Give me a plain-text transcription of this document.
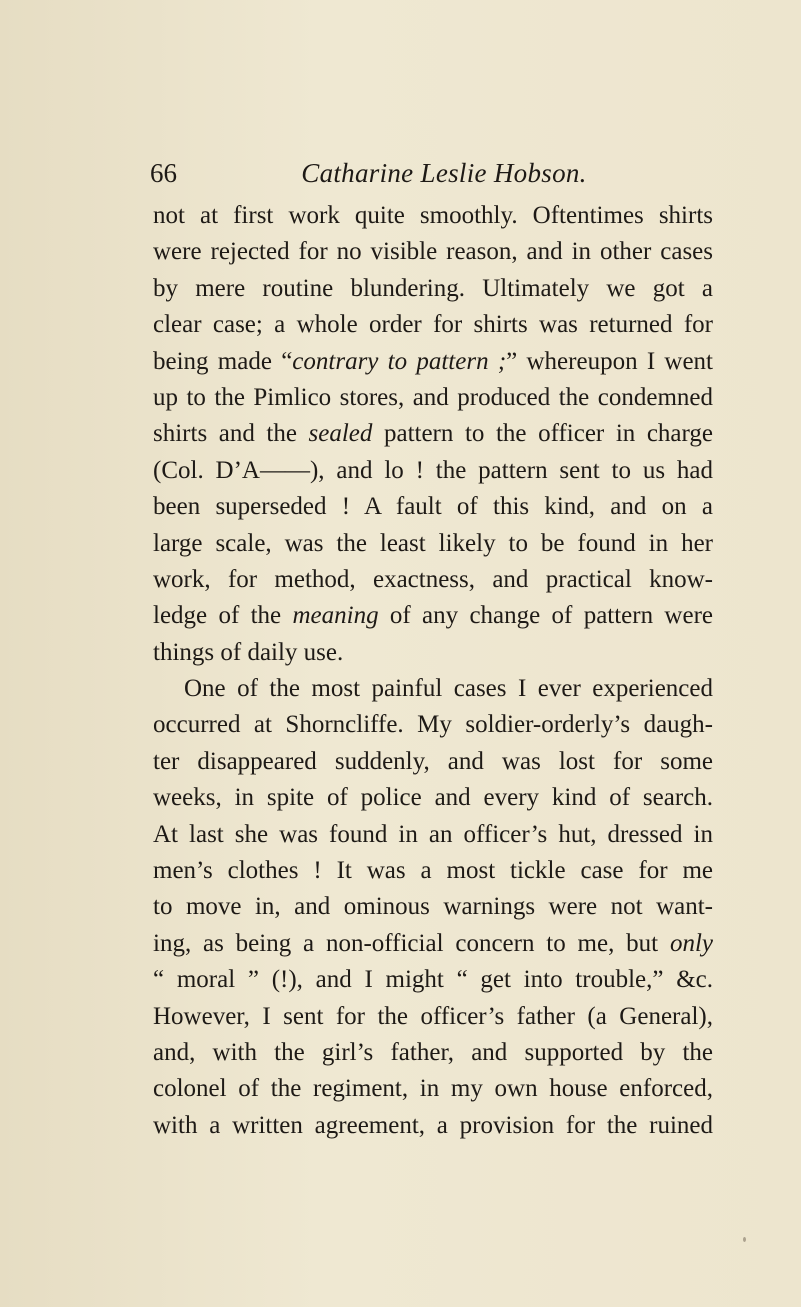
66	Catharine Leslie Hobson.
not at first work quite smoothly. Oftentimes shirts
were rejected for no visible reason, and in other cases
by mere routine blundering. Ultimately we got a
clear case; a whole order for shirts was returned for
being made “contrary to pattern ;” whereupon I went
up to the Pimlico stores, and produced the condemned
shirts and the sealed pattern to the officer in charge
(Col. D’A——), and lo ! the pattern sent to us had
been superseded ! A fault of this kind, and on a
large scale, was the least likely to be found in her
work, for method, exactness, and practical know-
ledge of the meaning of any change of pattern were
things of daily use.
One of the most painful cases I ever experienced
occurred at Shorncliffe. My soldier-orderly’s daugh-
ter disappeared suddenly, and was lost for some
weeks, in spite of police and every kind of search.
At last she was found in an officer’s hut, dressed in
men’s clothes ! It was a most tickle case for me
to move in, and ominous warnings were not want-
ing, as being a non-official concern to me, but only
“ moral ” (!), and I might “ get into trouble,” &c.
However, I sent for the officer’s father (a General),
and, with the girl’s father, and supported by the
colonel of the regiment, in my own house enforced,
with a written agreement, a provision for the ruined
